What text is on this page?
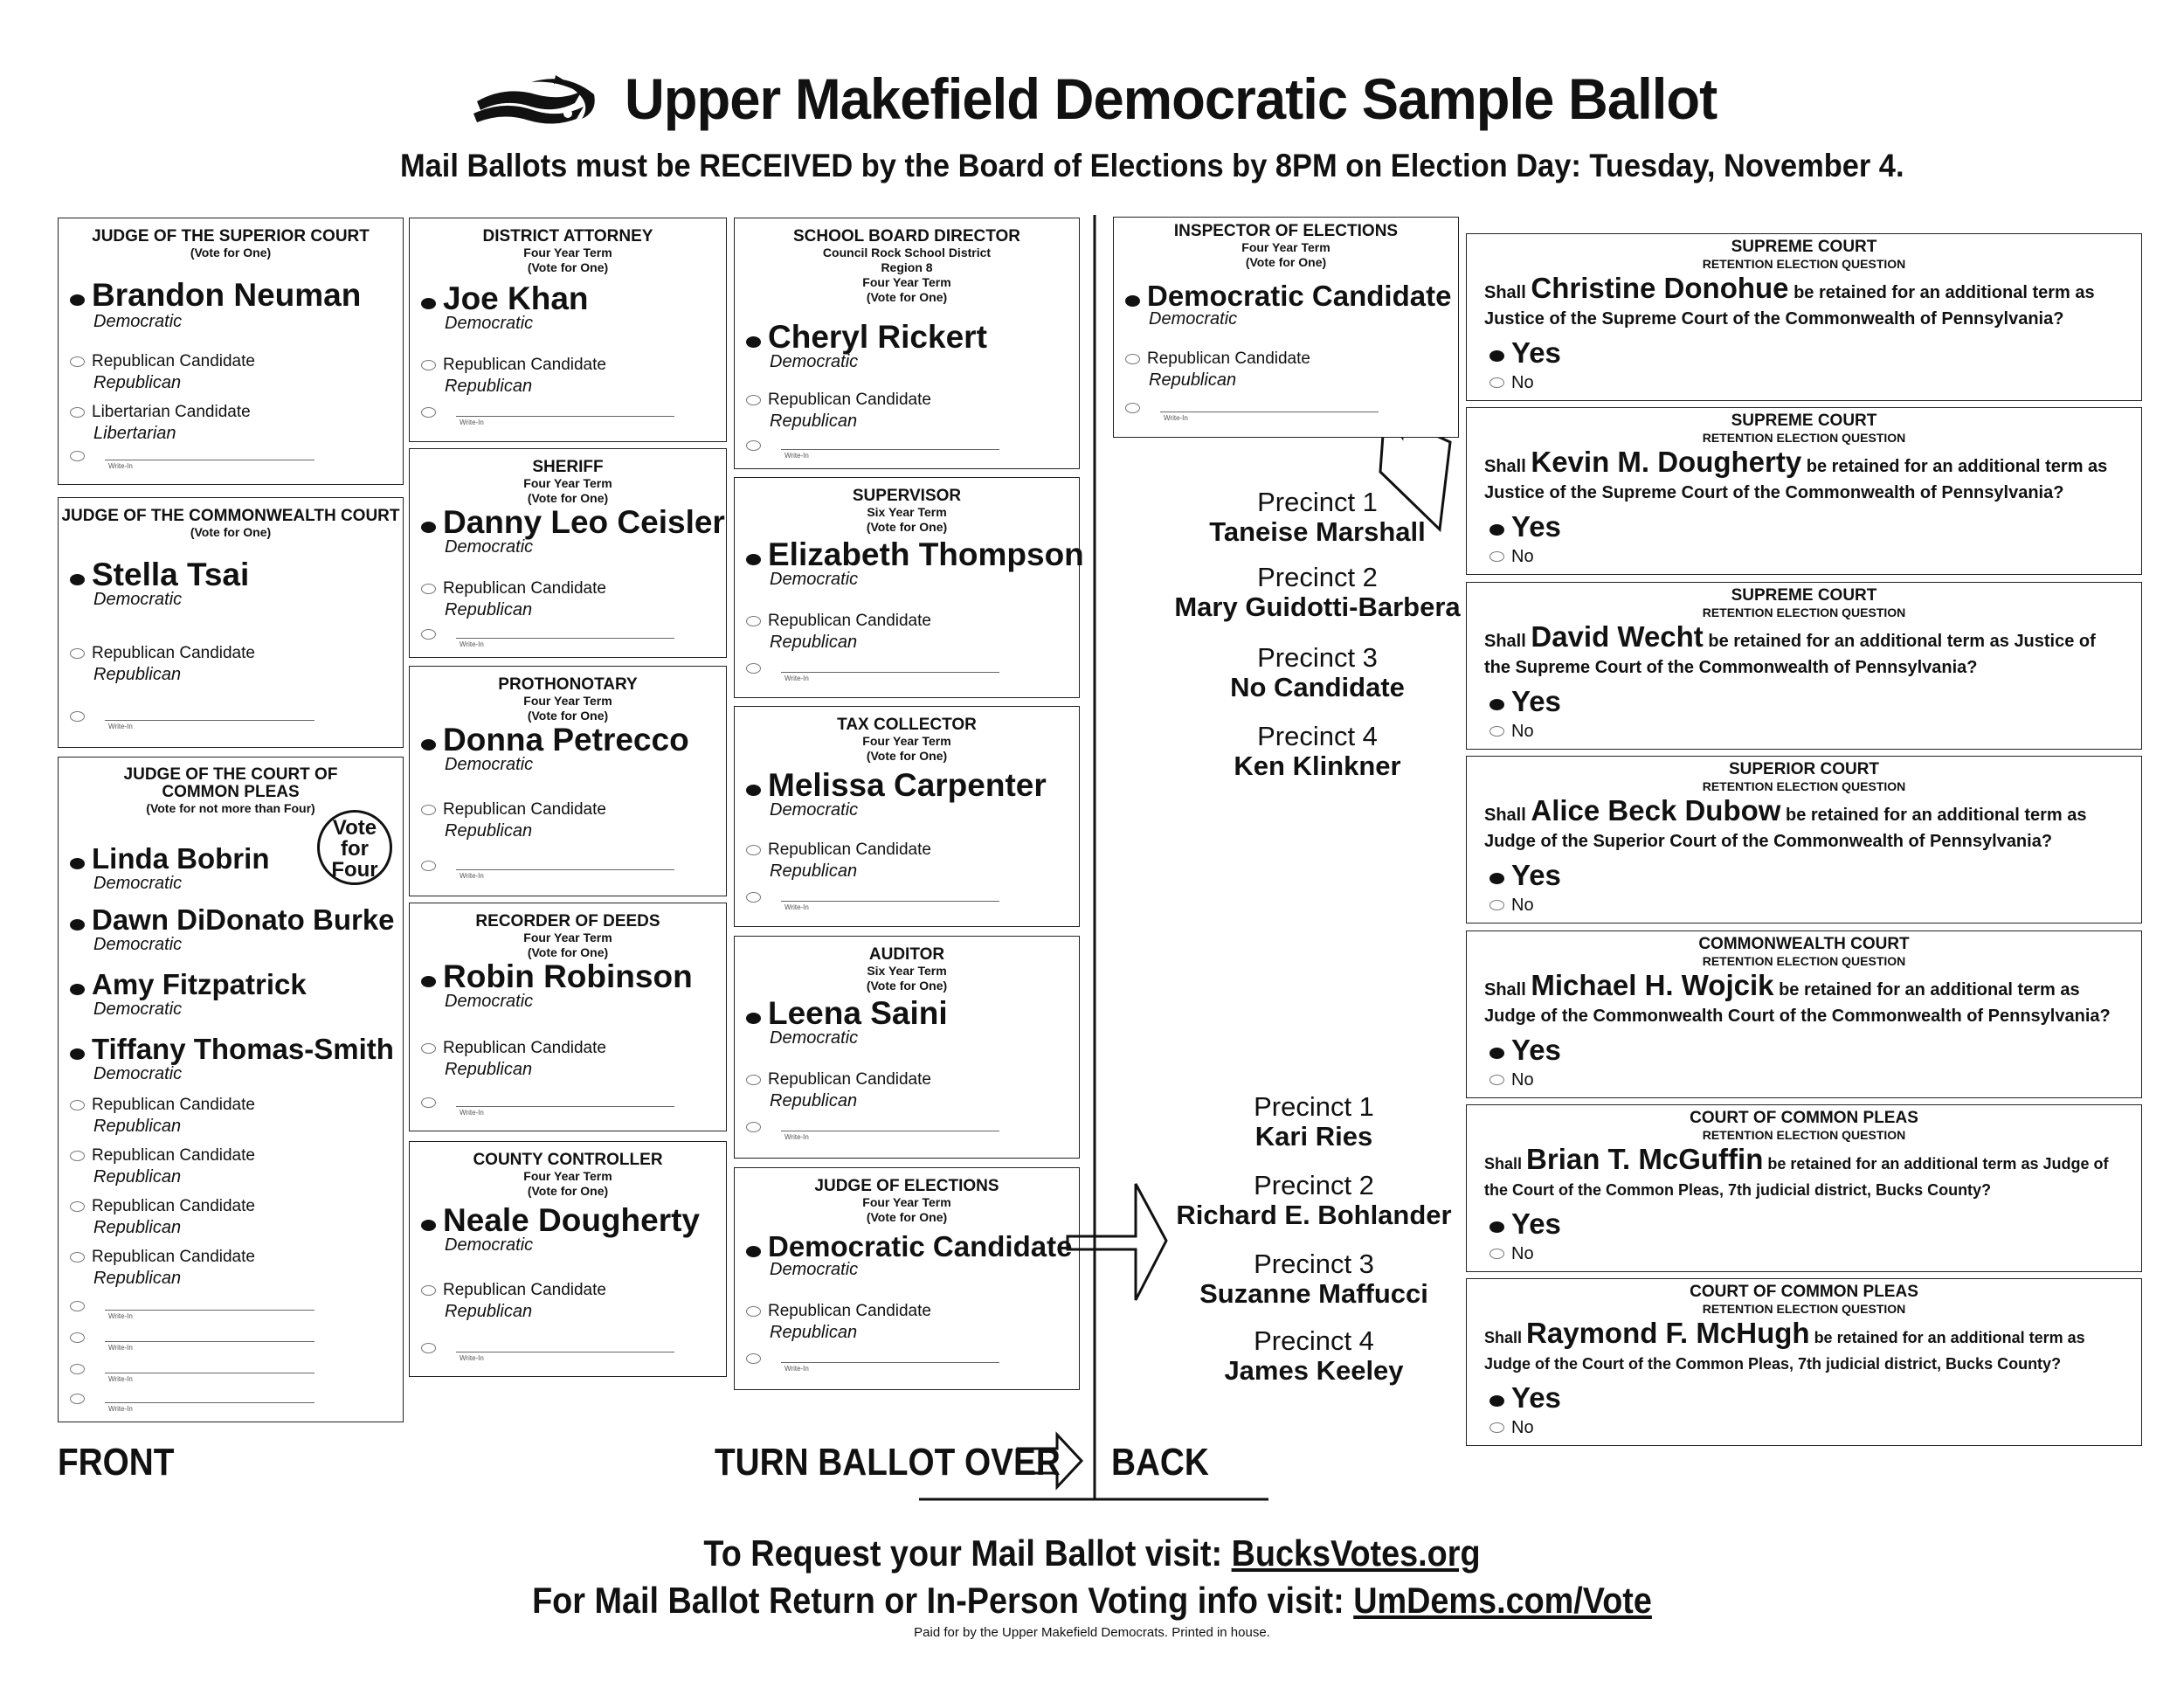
Upper Makefield Democratic Sample Ballot
Mail Ballots must be RECEIVED by the Board of Elections by 8PM on Election Day: Tuesday, November 4.
JUDGE OF THE SUPERIOR COURT
(Vote for One)
Brandon Neuman
Democratic
Republican Candidate
Republican
Libertarian Candidate
Libertarian
Write-In
JUDGE OF THE COMMONWEALTH COURT
(Vote for One)
Stella Tsai
Democratic
Republican Candidate
Republican
Write-In
JUDGE OF THE COURT OF COMMON PLEAS
(Vote for not more than Four)
Vote
for
Four
Linda Bobrin
Democratic
Dawn DiDonato Burke
Democratic
Amy Fitzpatrick
Democratic
Tiffany Thomas-Smith
Democratic
Republican Candidate
Republican
Republican Candidate
Republican
Republican Candidate
Republican
Republican Candidate
Republican
Write-In
Write-In
Write-In
Write-In
DISTRICT ATTORNEY
Four Year Term
(Vote for One)
Joe Khan
Democratic
Republican Candidate
Republican
Write-In
SHERIFF
Four Year Term
(Vote for One)
Danny Leo Ceisler
Democratic
Republican Candidate
Republican
Write-In
PROTHONOTARY
Four Year Term
(Vote for One)
Donna Petrecco
Democratic
Republican Candidate
Republican
Write-In
RECORDER OF DEEDS
Four Year Term
(Vote for One)
Robin Robinson
Democratic
Republican Candidate
Republican
Write-In
COUNTY CONTROLLER
Four Year Term
(Vote for One)
Neale Dougherty
Democratic
Republican Candidate
Republican
Write-In
SCHOOL BOARD DIRECTOR
Council Rock School District
Region 8
Four Year Term
(Vote for One)
Cheryl Rickert
Democratic
Republican Candidate
Republican
Write-In
SUPERVISOR
Six Year Term
(Vote for One)
Elizabeth Thompson
Democratic
Republican Candidate
Republican
Write-In
TAX COLLECTOR
Four Year Term
(Vote for One)
Melissa Carpenter
Democratic
Republican Candidate
Republican
Write-In
AUDITOR
Six Year Term
(Vote for One)
Leena Saini
Democratic
Republican Candidate
Republican
Write-In
JUDGE OF ELECTIONS
Four Year Term
(Vote for One)
Democratic Candidate
Democratic
Republican Candidate
Republican
Write-In
INSPECTOR OF ELECTIONS
Four Year Term
(Vote for One)
Democratic Candidate
Democratic
Republican Candidate
Republican
Write-In
Precinct 1
Taneise Marshall
Precinct 2
Mary Guidotti-Barbera
Precinct 3
No Candidate
Precinct 4
Ken Klinkner
Precinct 1
Kari Ries
Precinct 2
Richard E. Bohlander
Precinct 3
Suzanne Maffucci
Precinct 4
James Keeley
SUPREME COURT
RETENTION ELECTION QUESTION
Shall Christine Donohue be retained for an additional term as Justice of the Supreme Court of the Commonwealth of Pennsylvania?
Yes
No
SUPREME COURT
RETENTION ELECTION QUESTION
Shall Kevin M. Dougherty be retained for an additional term as Justice of the Supreme Court of the Commonwealth of Pennsylvania?
Yes
No
SUPREME COURT
RETENTION ELECTION QUESTION
Shall David Wecht be retained for an additional term as Justice of the Supreme Court of the Commonwealth of Pennsylvania?
Yes
No
SUPERIOR COURT
RETENTION ELECTION QUESTION
Shall Alice Beck Dubow be retained for an additional term as Judge of the Superior Court of the Commonwealth of Pennsylvania?
Yes
No
COMMONWEALTH COURT
RETENTION ELECTION QUESTION
Shall Michael H. Wojcik be retained for an additional term as Judge of the Commonwealth Court of the Commonwealth of Pennsylvania?
Yes
No
COURT OF COMMON PLEAS
RETENTION ELECTION QUESTION
Shall Brian T. McGuffin be retained for an additional term as Judge of the Court of the Common Pleas, 7th judicial district, Bucks County?
Yes
No
COURT OF COMMON PLEAS
RETENTION ELECTION QUESTION
Shall Raymond F. McHugh be retained for an additional term as Judge of the Court of the Common Pleas, 7th judicial district, Bucks County?
Yes
No
FRONT	TURN BALLOT OVER BACK
To Request your Mail Ballot visit: BucksVotes.org
For Mail Ballot Return or In-Person Voting info visit: UmDems.com/Vote
Paid for by the Upper Makefield Democrats. Printed in house.
